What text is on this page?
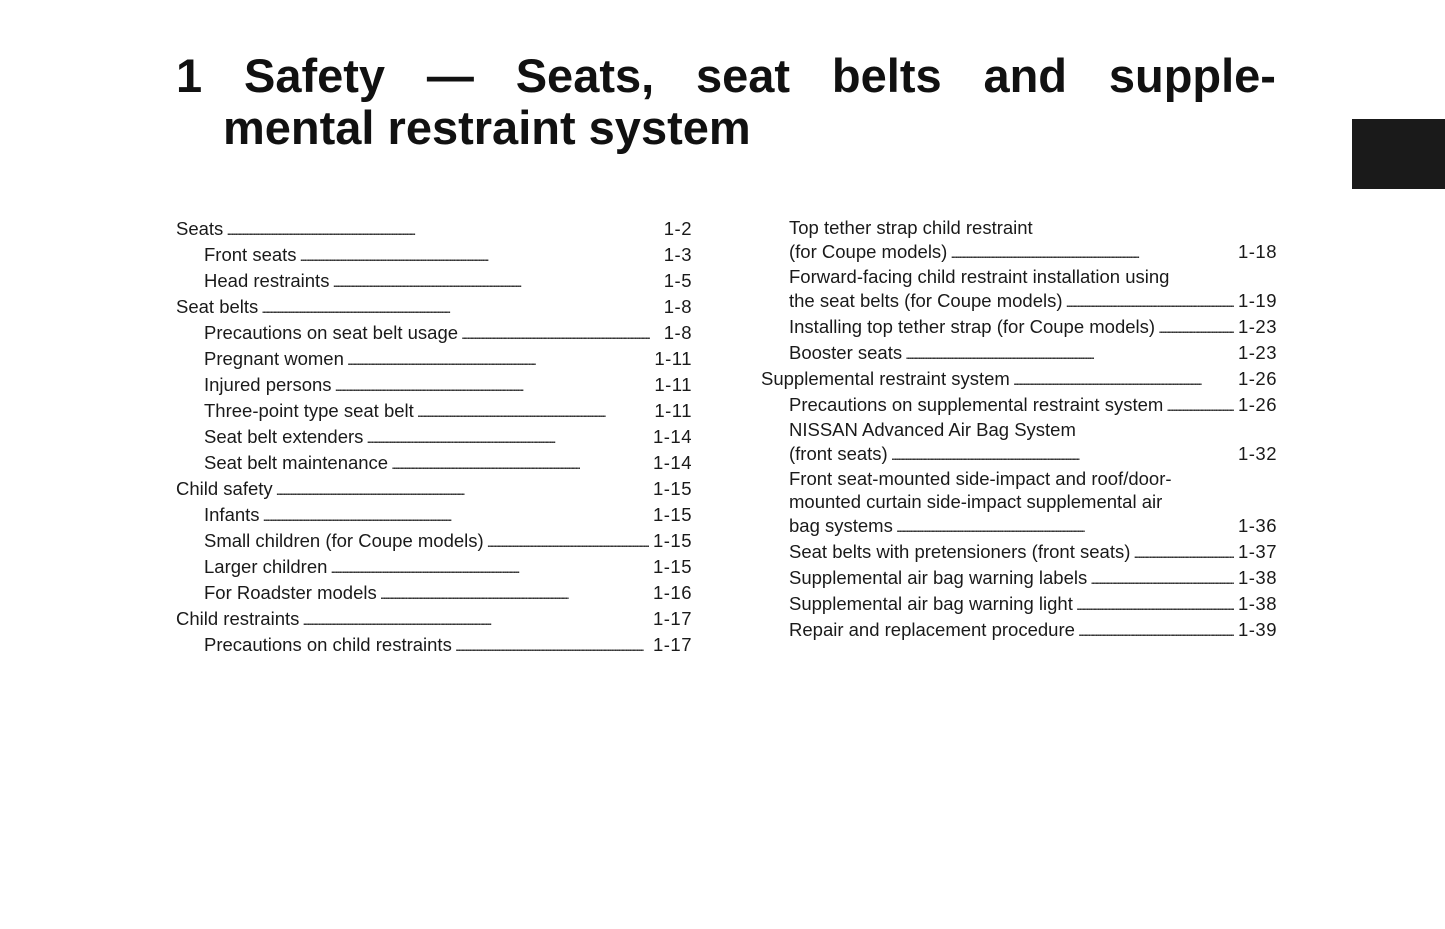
1 Safety — Seats, seat belts and supple-
mental restraint system
Seats . . .	1-2
Front seats . . .	1-3
Head restraints . . .	1-5
Seat belts . . .	1-8
Precautions on seat belt usage . . .	1-8
Pregnant women . . .	1-11
Injured persons . . .	1-11
Three-point type seat belt . . .	1-11
Seat belt extenders . . .	1-14
Seat belt maintenance . . .	1-14
Child safety . . .	1-15
Infants . . .	1-15
Small children (for Coupe models) . . .	1-15
Larger children . . .	1-15
For Roadster models . . .	1-16
Child restraints . . .	1-17
Precautions on child restraints . . .	1-17
Top tether strap child restraint
(for Coupe models) . . .	1-18
Forward-facing child restraint installation using
the seat belts (for Coupe models) . . .	1-19
Installing top tether strap (for Coupe models) . . .	1-23
Booster seats . . .	1-23
Supplemental restraint system . . .	1-26
Precautions on supplemental restraint system . . .	1-26
NISSAN Advanced Air Bag System
(front seats) . . .	1-32
Front seat-mounted side-impact and roof/door-
mounted curtain side-impact supplemental air
bag systems . . .	1-36
Seat belts with pretensioners (front seats) . . .	1-37
Supplemental air bag warning labels . . .	1-38
Supplemental air bag warning light . . .	1-38
Repair and replacement procedure . . .	1-39
